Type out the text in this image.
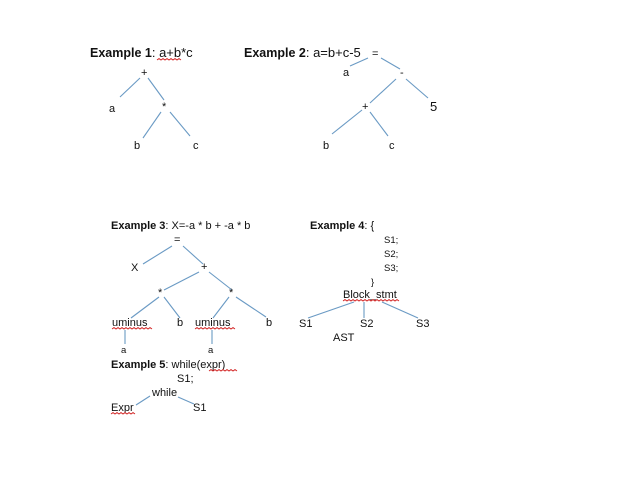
Example 1: a+b*c
+
a	*
b	c
Example 2: a=b+c-5 =
a	-
+	5
b	c
Example 3: X=-a * b + -a * b
=
X	+
*	*
uminus	b uminus	b
a	a
Example 4: {
S1;
S2;
S3;
}
Block_stmt
S1	S2	S3
AST
Example 5: while(expr)
S1;
while
Expr	S1
